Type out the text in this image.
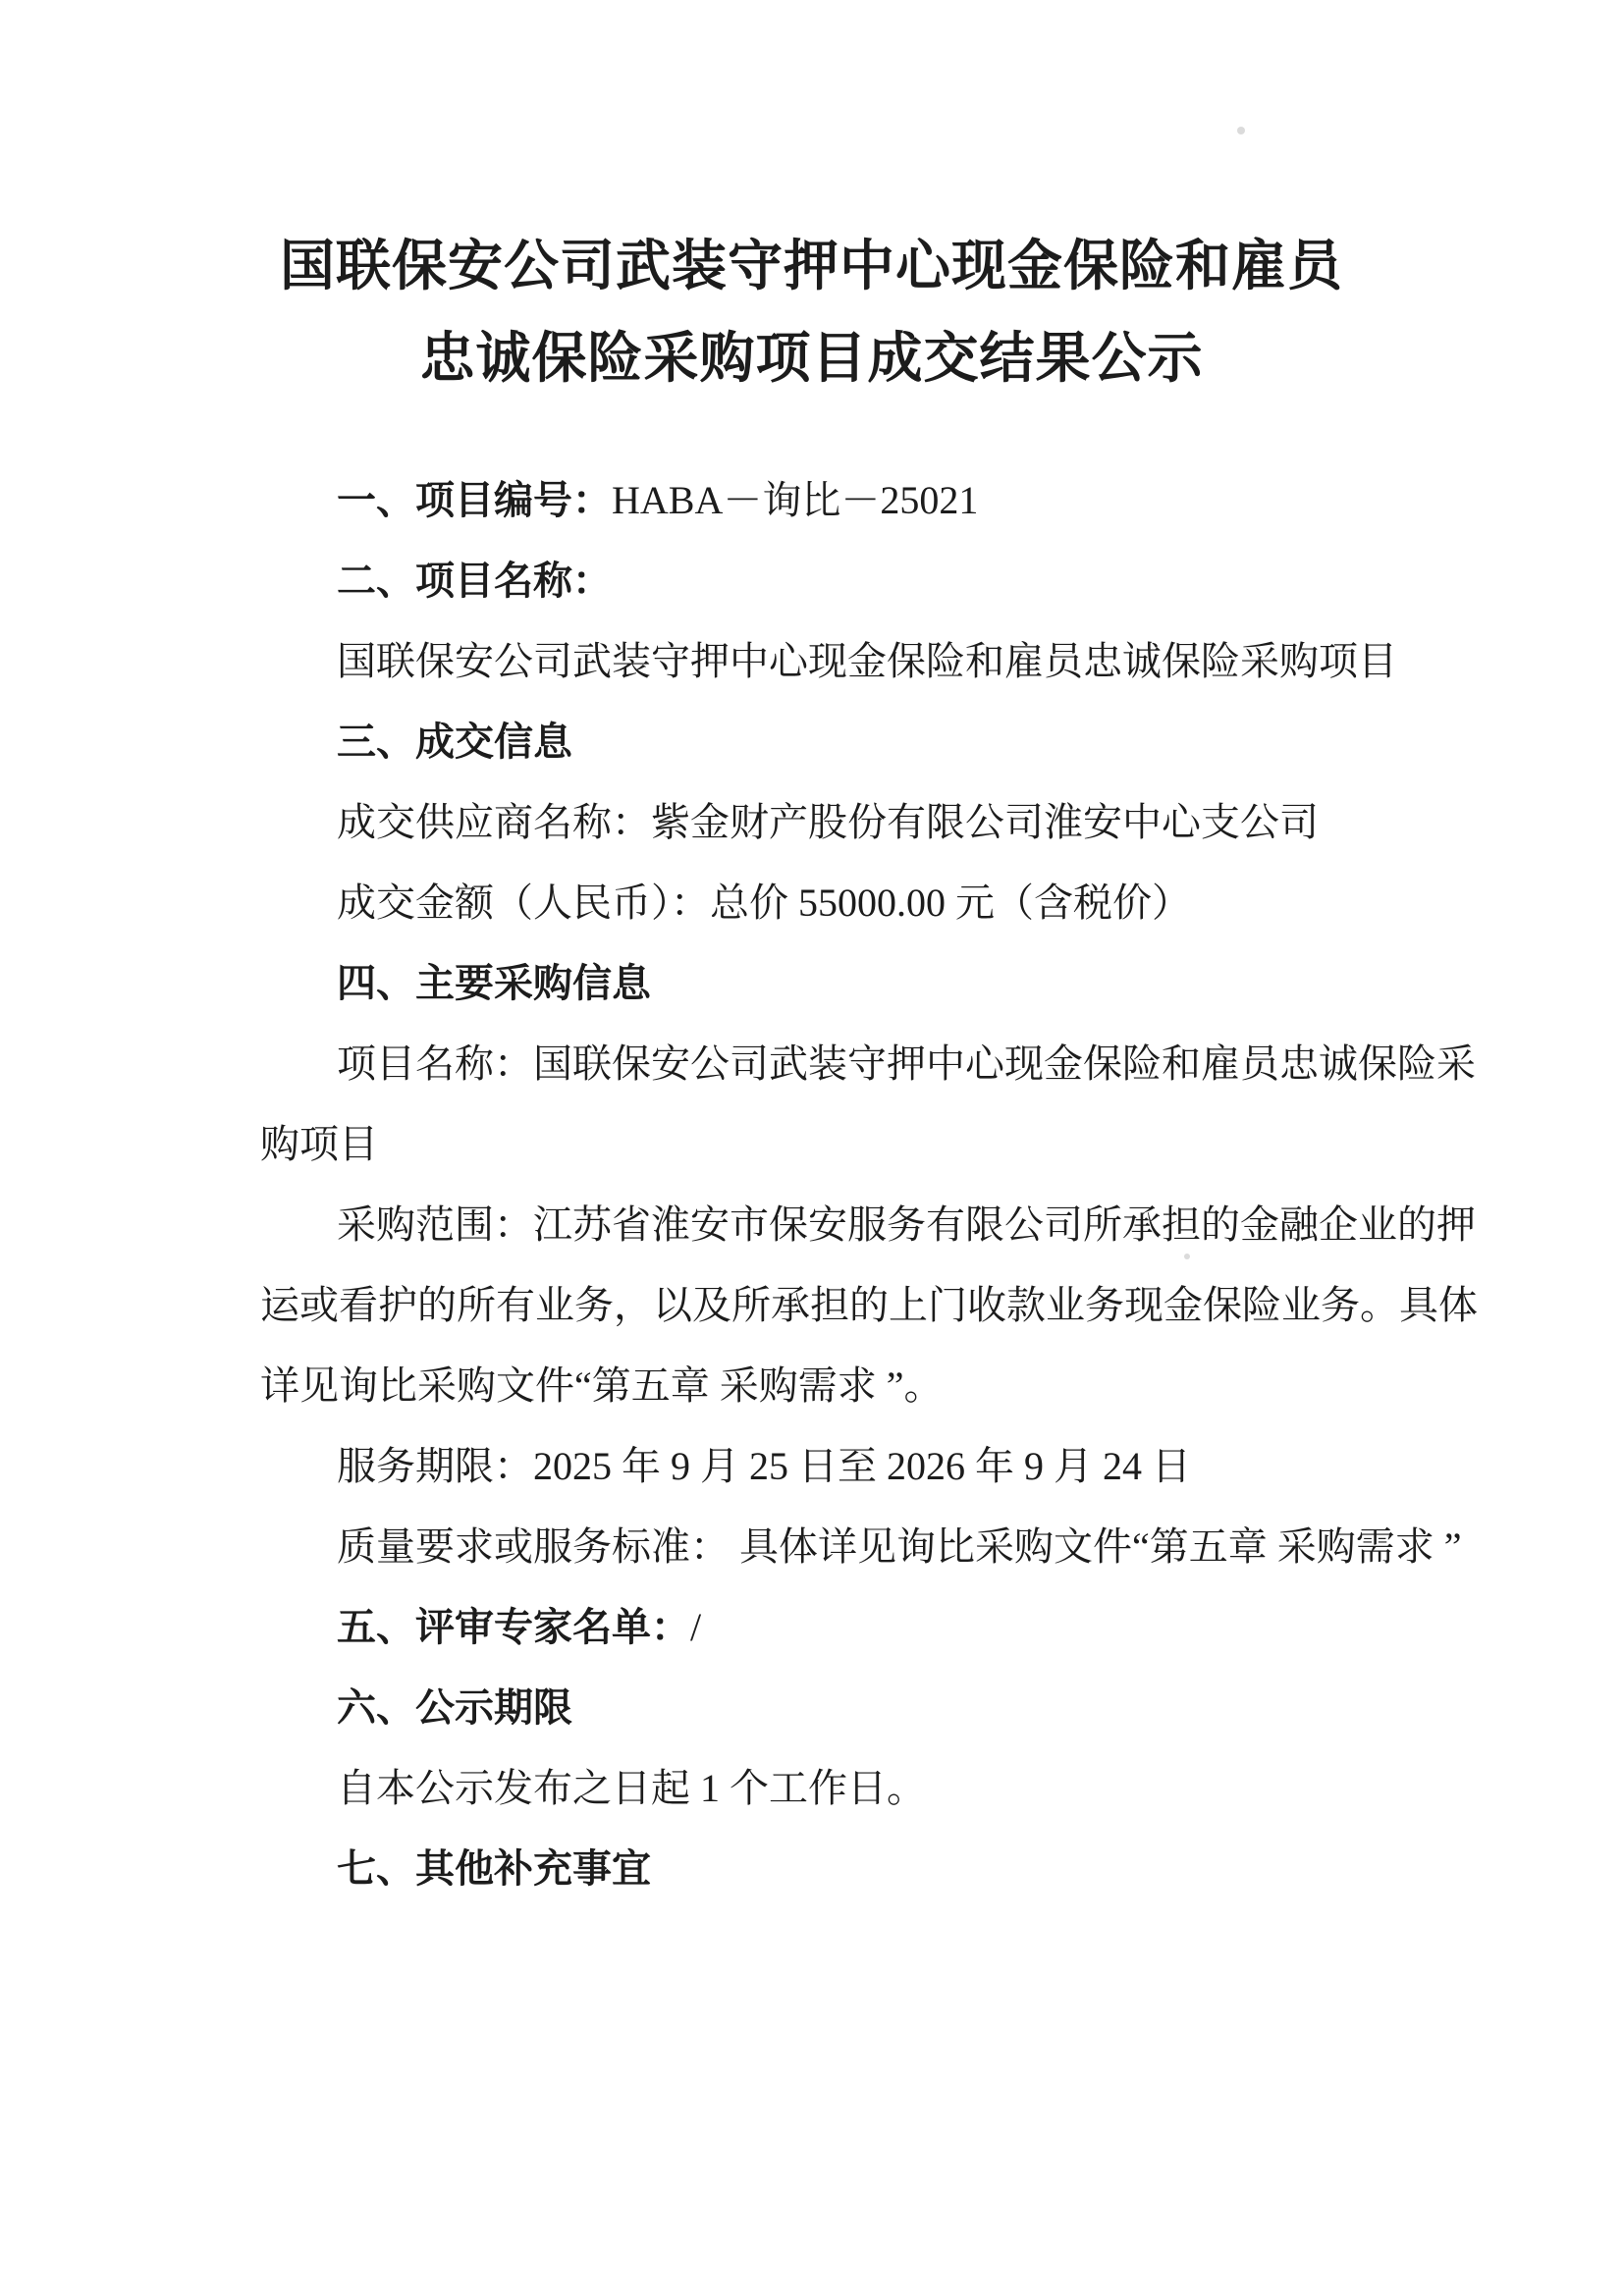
国联保安公司武装守押中心现金保险和雇员
忠诚保险采购项目成交结果公示
一、项目编号：HABA－询比－25021
二、项目名称：
国联保安公司武装守押中心现金保险和雇员忠诚保险采购项目
三、成交信息
成交供应商名称：紫金财产股份有限公司淮安中心支公司
成交金额（人民币）：总价 55000.00 元（含税价）
四、主要采购信息
项目名称：国联保安公司武装守押中心现金保险和雇员忠诚保险采
购项目
采购范围：江苏省淮安市保安服务有限公司所承担的金融企业的押
运或看护的所有业务，以及所承担的上门收款业务现金保险业务。具体
详见询比采购文件“第五章 采购需求 ”。
服务期限：2025 年 9 月 25 日至 2026 年 9 月 24 日
质量要求或服务标准： 具体详见询比采购文件“第五章 采购需求 ”
五、评审专家名单：/
六、公示期限
自本公示发布之日起 1 个工作日。
七、其他补充事宜
